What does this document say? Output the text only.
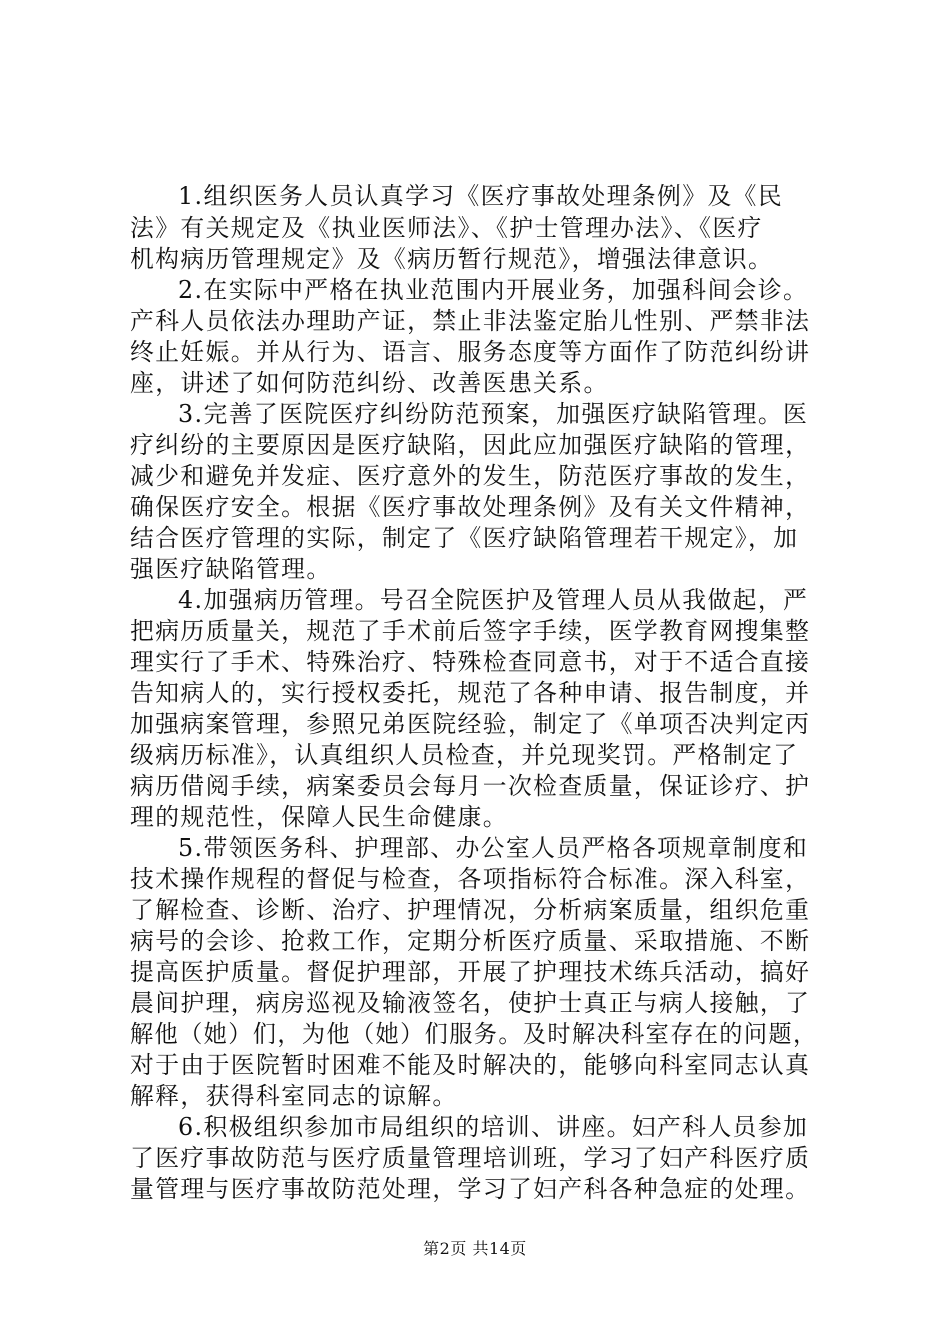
1.组织医务人员认真学习《医疗事故处理条例》及《民
法》有关规定及《执业医师法》、《护士管理办法》、《医疗
机构病历管理规定》及《病历暂行规范》，增强法律意识。
2.在实际中严格在执业范围内开展业务，加强科间会诊。
产科人员依法办理助产证，禁止非法鉴定胎儿性别、严禁非法
终止妊娠。并从行为、语言、服务态度等方面作了防范纠纷讲
座，讲述了如何防范纠纷、改善医患关系。
3.完善了医院医疗纠纷防范预案，加强医疗缺陷管理。医
疗纠纷的主要原因是医疗缺陷，因此应加强医疗缺陷的管理，
减少和避免并发症、医疗意外的发生，防范医疗事故的发生，
确保医疗安全。根据《医疗事故处理条例》及有关文件精神，
结合医疗管理的实际，制定了《医疗缺陷管理若干规定》，加
强医疗缺陷管理。
4.加强病历管理。号召全院医护及管理人员从我做起，严
把病历质量关，规范了手术前后签字手续，医学教育网搜集整
理实行了手术、特殊治疗、特殊检查同意书，对于不适合直接
告知病人的，实行授权委托，规范了各种申请、报告制度，并
加强病案管理，参照兄弟医院经验，制定了《单项否决判定丙
级病历标准》，认真组织人员检查，并兑现奖罚。严格制定了
病历借阅手续，病案委员会每月一次检查质量，保证诊疗、护
理的规范性，保障人民生命健康。
5.带领医务科、护理部、办公室人员严格各项规章制度和
技术操作规程的督促与检查，各项指标符合标准。深入科室，
了解检查、诊断、治疗、护理情况，分析病案质量，组织危重
病号的会诊、抢救工作，定期分析医疗质量、采取措施、不断
提高医护质量。督促护理部，开展了护理技术练兵活动，搞好
晨间护理，病房巡视及输液签名，使护士真正与病人接触，了
解他（她）们，为他（她）们服务。及时解决科室存在的问题，
对于由于医院暂时困难不能及时解决的，能够向科室同志认真
解释，获得科室同志的谅解。
6.积极组织参加市局组织的培训、讲座。妇产科人员参加
了医疗事故防范与医疗质量管理培训班，学习了妇产科医疗质
量管理与医疗事故防范处理，学习了妇产科各种急症的处理。
第2页 共14页
